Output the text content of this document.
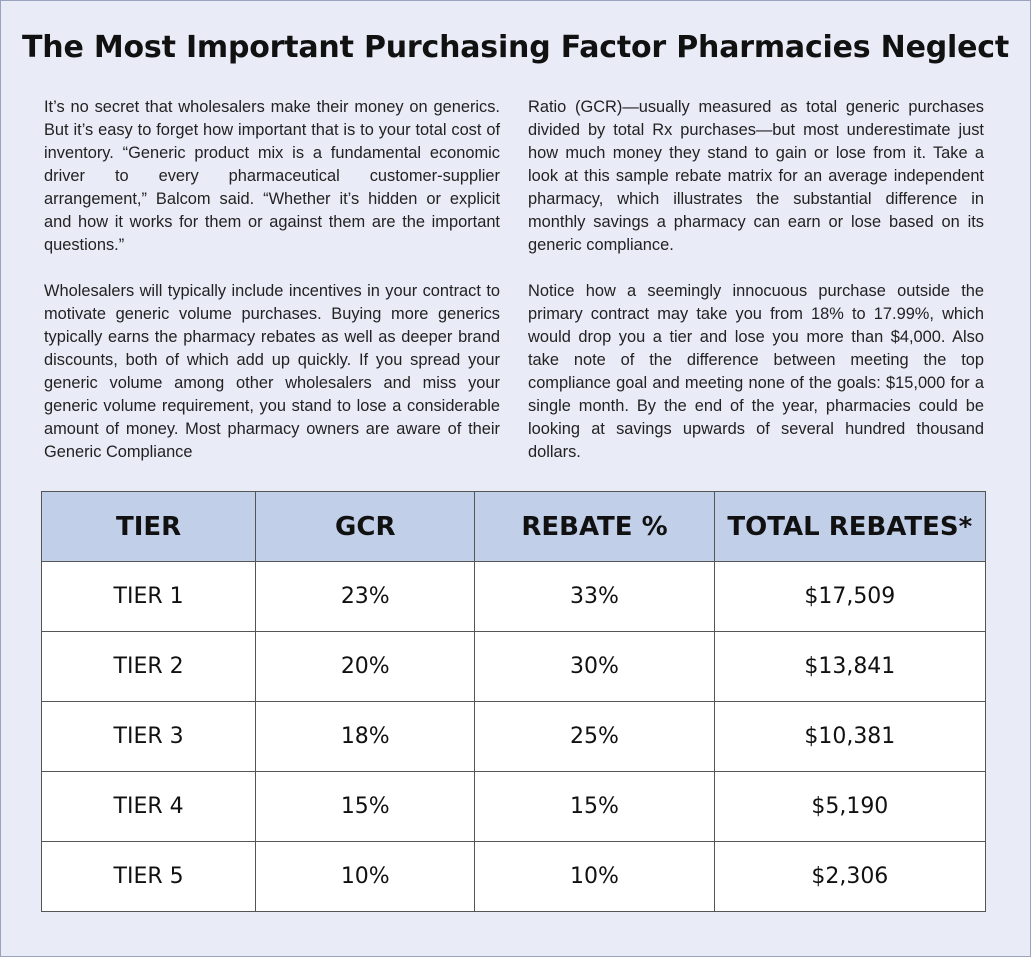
The Most Important Purchasing Factor Pharmacies Neglect

It’s no secret that wholesalers make their money on generics. But it’s easy to forget how important that is to your total cost of inventory. “Generic product mix is a fundamental economic driver to every pharmaceutical customer-supplier arrangement,” Balcom said. “Whether it’s hidden or explicit and how it works for them or against them are the important questions.”

Wholesalers will typically include incentives in your contract to motivate generic volume purchases. Buying more generics typically earns the pharmacy rebates as well as deeper brand discounts, both of which add up quickly. If you spread your generic volume among other wholesalers and miss your generic volume requirement, you stand to lose a considerable amount of money. Most pharmacy owners are aware of their Generic Compliance

Ratio (GCR)—usually measured as total generic purchases divided by total Rx purchases—but most underestimate just how much money they stand to gain or lose from it. Take a look at this sample rebate matrix for an average independent pharmacy, which illustrates the substantial difference in monthly savings a pharmacy can earn or lose based on its generic compliance.

Notice how a seemingly innocuous purchase outside the primary contract may take you from 18% to 17.99%, which would drop you a tier and lose you more than $4,000. Also take note of the difference between meeting the top compliance goal and meeting none of the goals: $15,000 for a single month. By the end of the year, pharmacies could be looking at savings upwards of several hundred thousand dollars.

TIER	GCR	REBATE %	TOTAL REBATES*
TIER 1	23%	33%	$17,509
TIER 2	20%	30%	$13,841
TIER 3	18%	25%	$10,381
TIER 4	15%	15%	$5,190
TIER 5	10%	10%	$2,306
